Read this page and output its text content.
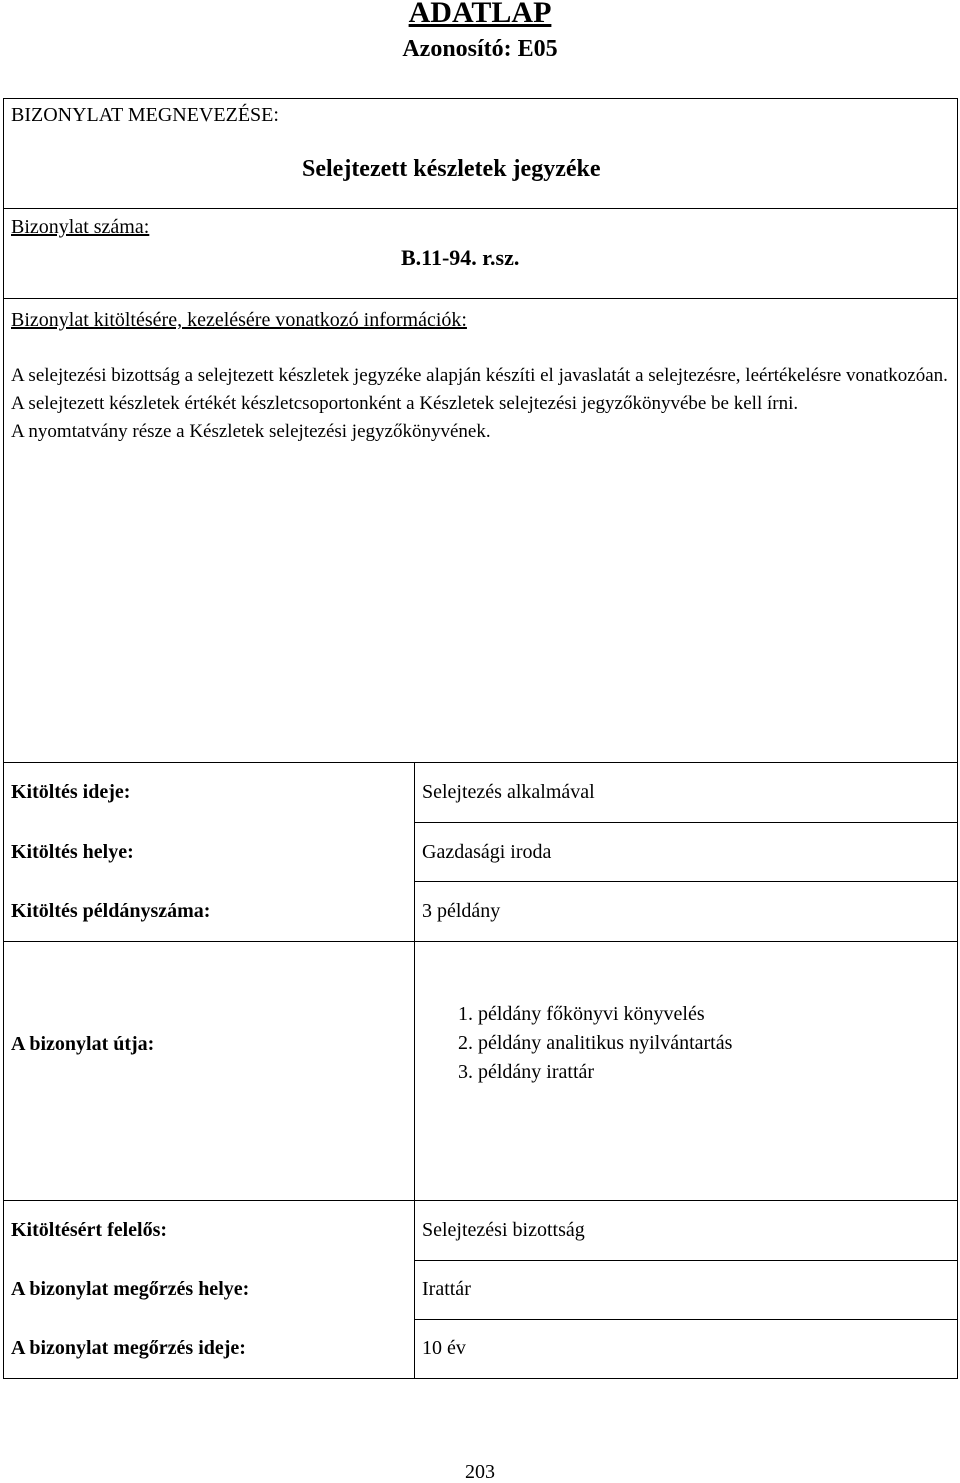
ADATLAP
Azonosító: E05
BIZONYLAT MEGNEVEZÉSE:
Selejtezett készletek jegyzéke
Bizonylat száma:
B.11-94. r.sz.
Bizonylat kitöltésére, kezelésére vonatkozó információk:

A selejtezési bizottság a selejtezett készletek jegyzéke alapján készíti el javaslatát a selejtezésre, leértékelésre vonatkozóan.

A selejtezett készletek értékét készletcsoportonként a Készletek selejtezési jegyzőkönyvébe be kell írni.

A nyomtatvány része a Készletek selejtezési jegyzőkönyvének.

Kitöltés ideje:	Selejtezés alkalmával
Kitöltés helye:	Gazdasági iroda
Kitöltés példányszáma:	3 példány
A bizonylat útja:

1. példány főkönyvi könyvelés

2. példány analitikus nyilvántartás

3. példány irattár

Kitöltésért felelős:	Selejtezési bizottság
A bizonylat megőrzés helye:	Irattár
A bizonylat megőrzés ideje:	10 év
203
